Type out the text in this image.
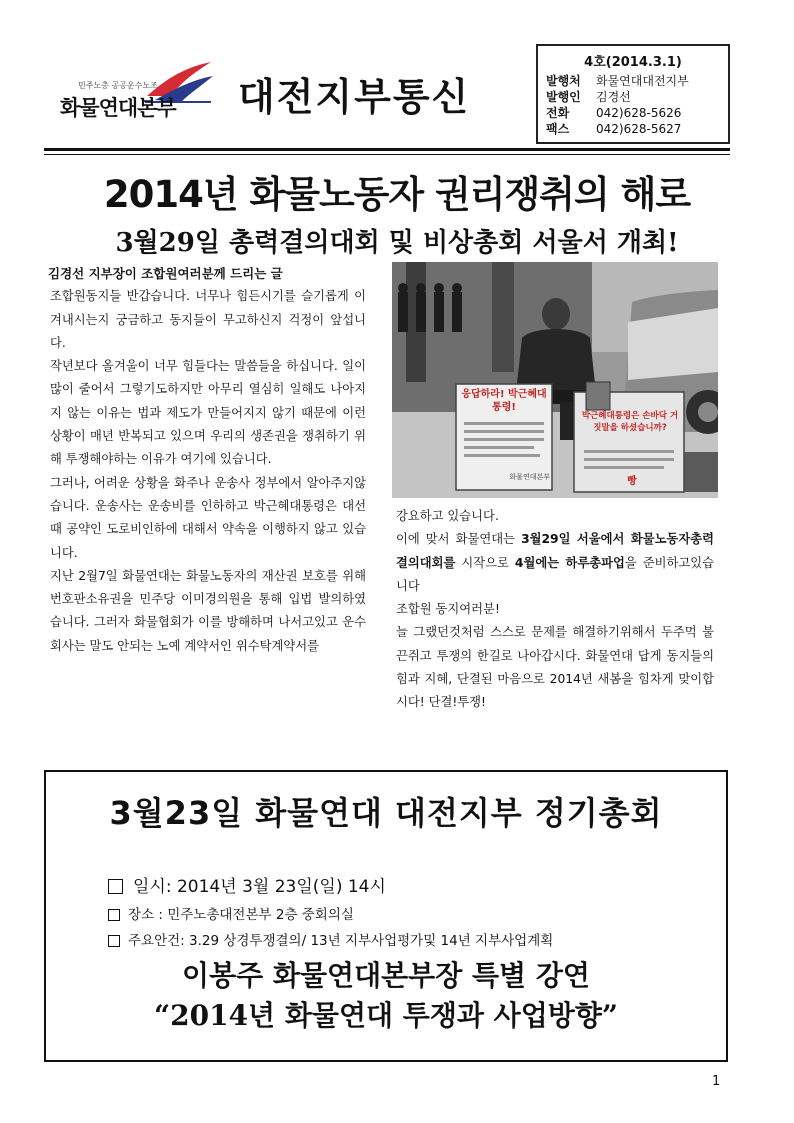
민주노총 공공운수노조
화물연대본부 대전지부통신
4호(2014.3.1)
발행처 화물연대대전지부
발행인 김경선
전화 042)628-5626
팩스 042)628-5627
2014년 화물노동자 권리쟁취의 해로
3월29일 총력결의대회 및 비상총회 서울서 개최!

김경선 지부장이 조합원여러분께 드리는 글

조합원동지들 반갑습니다. 너무나 힘든시기를 슬기롭게 이겨내시는지 궁금하고 동지들이 무고하신지 걱정이 앞섭니다.

작년보다 올겨울이 너무 힘들다는 말씀들을 하십니다. 일이 많이 줄어서 그렇기도하지만 아무리 열심히 일해도 나아지지 않는 이유는 법과 제도가 만들어지지 않기 때문에 이런 상황이 매년 반복되고 있으며 우리의 생존권을 쟁취하기 위해 투쟁해야하는 이유가 여기에 있습니다.

그러나, 어려운 상황을 화주나 운송사 정부에서 알아주지않습니다. 운송사는 운송비를 인하하고 박근혜대통령은 대선때 공약인 도로비인하에 대해서 약속을 이행하지 않고 있습니다.

지난 2월7일 화물연대는 화물노동자의 재산권 보호를 위해 번호판소유권을 민주당 이미경의원을 통해 입법 발의하였습니다. 그러자 화물협회가 이를 방해하며 나서고있고 운수회사는 말도 안되는 노예 계약서인 위수탁계약서를

응답하라! 박근혜대통령!
화물연대본부
박근혜대통령은 손바닥 거짓말을 하셨습니까?
빵

강요하고 있습니다.

이에 맞서 화물연대는 3월29일 서울에서 화물노동자총력결의대회를 시작으로 4월에는 하루총파업을 준비하고있습니다

조합원 동지여러분!

늘 그랬던것처럼 스스로 문제를 해결하기위해서 두주먹 불끈쥐고 투쟁의 한길로 나아갑시다. 화물연대 답게 동지들의 힘과 지혜, 단결된 마음으로 2014년 새봄을 힘차게 맞이합시다! 단결!투쟁!

3월23일 화물연대 대전지부 정기총회
일시: 2014년 3월 23일(일) 14시
장소 : 민주노총대전본부 2층 중회의실
주요안건: 3.29 상경투쟁결의/ 13년 지부사업평가및 14년 지부사업계획
이봉주 화물연대본부장 특별 강연
“2014년 화물연대 투쟁과 사업방향”
1
